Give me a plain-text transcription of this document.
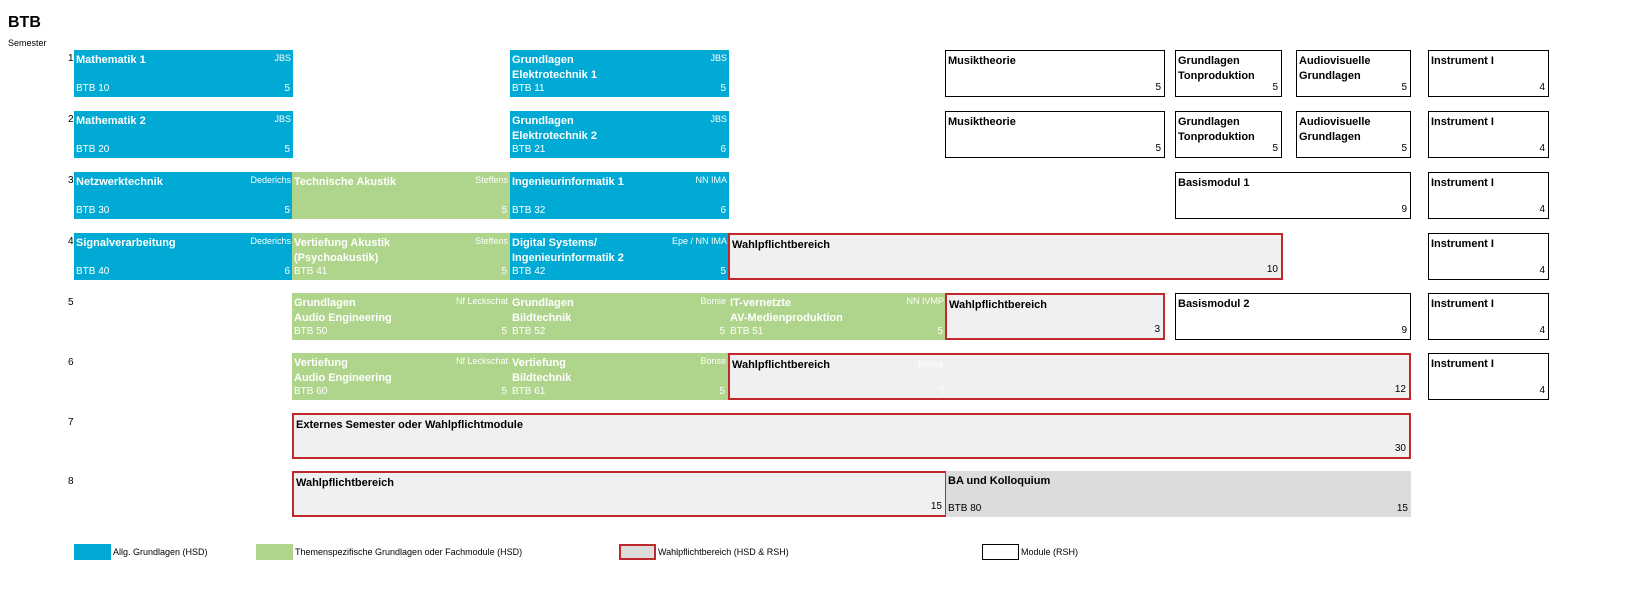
BTB
Semester
1
2
3
4
5
6
7
8
Mathematik 1	JBS
BTB 10	5
Grundlagen
Elektrotechnik 1
JBS
BTB 11	5
Musiktheorie
5
Grundlagen
Tonproduktion
5
Audiovisuelle
Grundlagen
5
Instrument I
4
Mathematik 2	JBS
BTB 20	5
Grundlagen
Elektrotechnik 2
JBS
BTB 21	6
Musiktheorie
5
Grundlagen
Tonproduktion
5
Audiovisuelle
Grundlagen
5
Instrument I
4
Netzwerktechnik	Dederichs
BTB 30	5
Technische Akustik	Steffens
5
Ingenieurinformatik 1	NN IMA
BTB 32	6
Basismodul 1
9
Instrument I
4
Signalverarbeitung	Dederichs
BTB 40	6
Vertiefung Akustik
(Psychoakustik)
Steffens
BTB 41	5
Digital Systems/
Ingenieurinformatik 2
Epe / NN IMA
BTB 42	5
Wahlpflichtbereich
10
Instrument I
4
Grundlagen
Audio Engineering
Nf Leckschat
BTB 50	5
Grundlagen
Bildtechnik
Bonse
BTB 52	5
IT-vernetzte
AV-Medienproduktion
NN IVMP
BTB 51	5
Wahlpflichtbereich
3
Basismodul 2
9
Instrument I
4
Vertiefung
Audio Engineering
Nf Leckschat
BTB 60	5
Vertiefung
Bildtechnik
Bonse
BTB 61	5
Wahlpflichtbereich	Bonse
5	12
Instrument I
4
Externes Semester oder Wahlpflichtmodule
30
Wahlpflichtbereich
15
BA und Kolloquium
BTB 80	15
Allg. Grundlagen (HSD)	Themenspezifische Grundlagen oder Fachmodule (HSD)	Wahlpflichtbereich (HSD & RSH)	Module (RSH)
